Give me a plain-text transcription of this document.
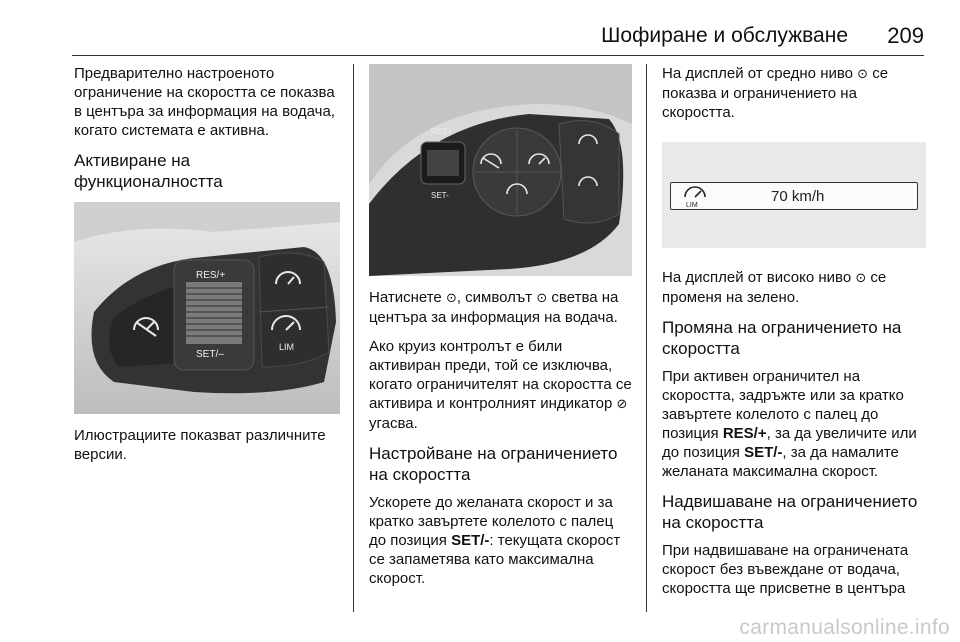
Шофиране и обслужване 209

Предварително настроеното ограничение на скоростта се показва в центъра за информация на водача, когато системата е активна.

Активиране на функционалността
RES/+
SET/–
LIM

Илюстрациите показват различните версии.

RES+
SET-

Натиснете ⊙, символът ⊙ светва на центъра за информация на водача.

Ако круиз контролът е били активиран преди, той се изключва, когато ограничителят на скоростта се активира и контролният индикатор ⊘ угасва.

Настройване на ограничението на скоростта

Ускорете до желаната скорост и за кратко завъртете колелото с палец до позиция SET/-: текущата скорост се запаметява като максимална скорост.

На дисплей от средно ниво ⊙ се показва и ограничението на скоростта.

LIM
70 km/h

На дисплей от високо ниво ⊙ се променя на зелено.

Промяна на ограничението на скоростта

При активен ограничител на скоростта, задръжте или за кратко завъртете колелото с палец до позиция RES/+, за да увеличите или до позиция SET/-, за да намалите желаната максимална скорост.

Надвишаване на ограничението на скоростта

При надвишаване на ограничената скорост без въвеждане от водача, скоростта ще присветне в центъра

carmanualsonline.info
